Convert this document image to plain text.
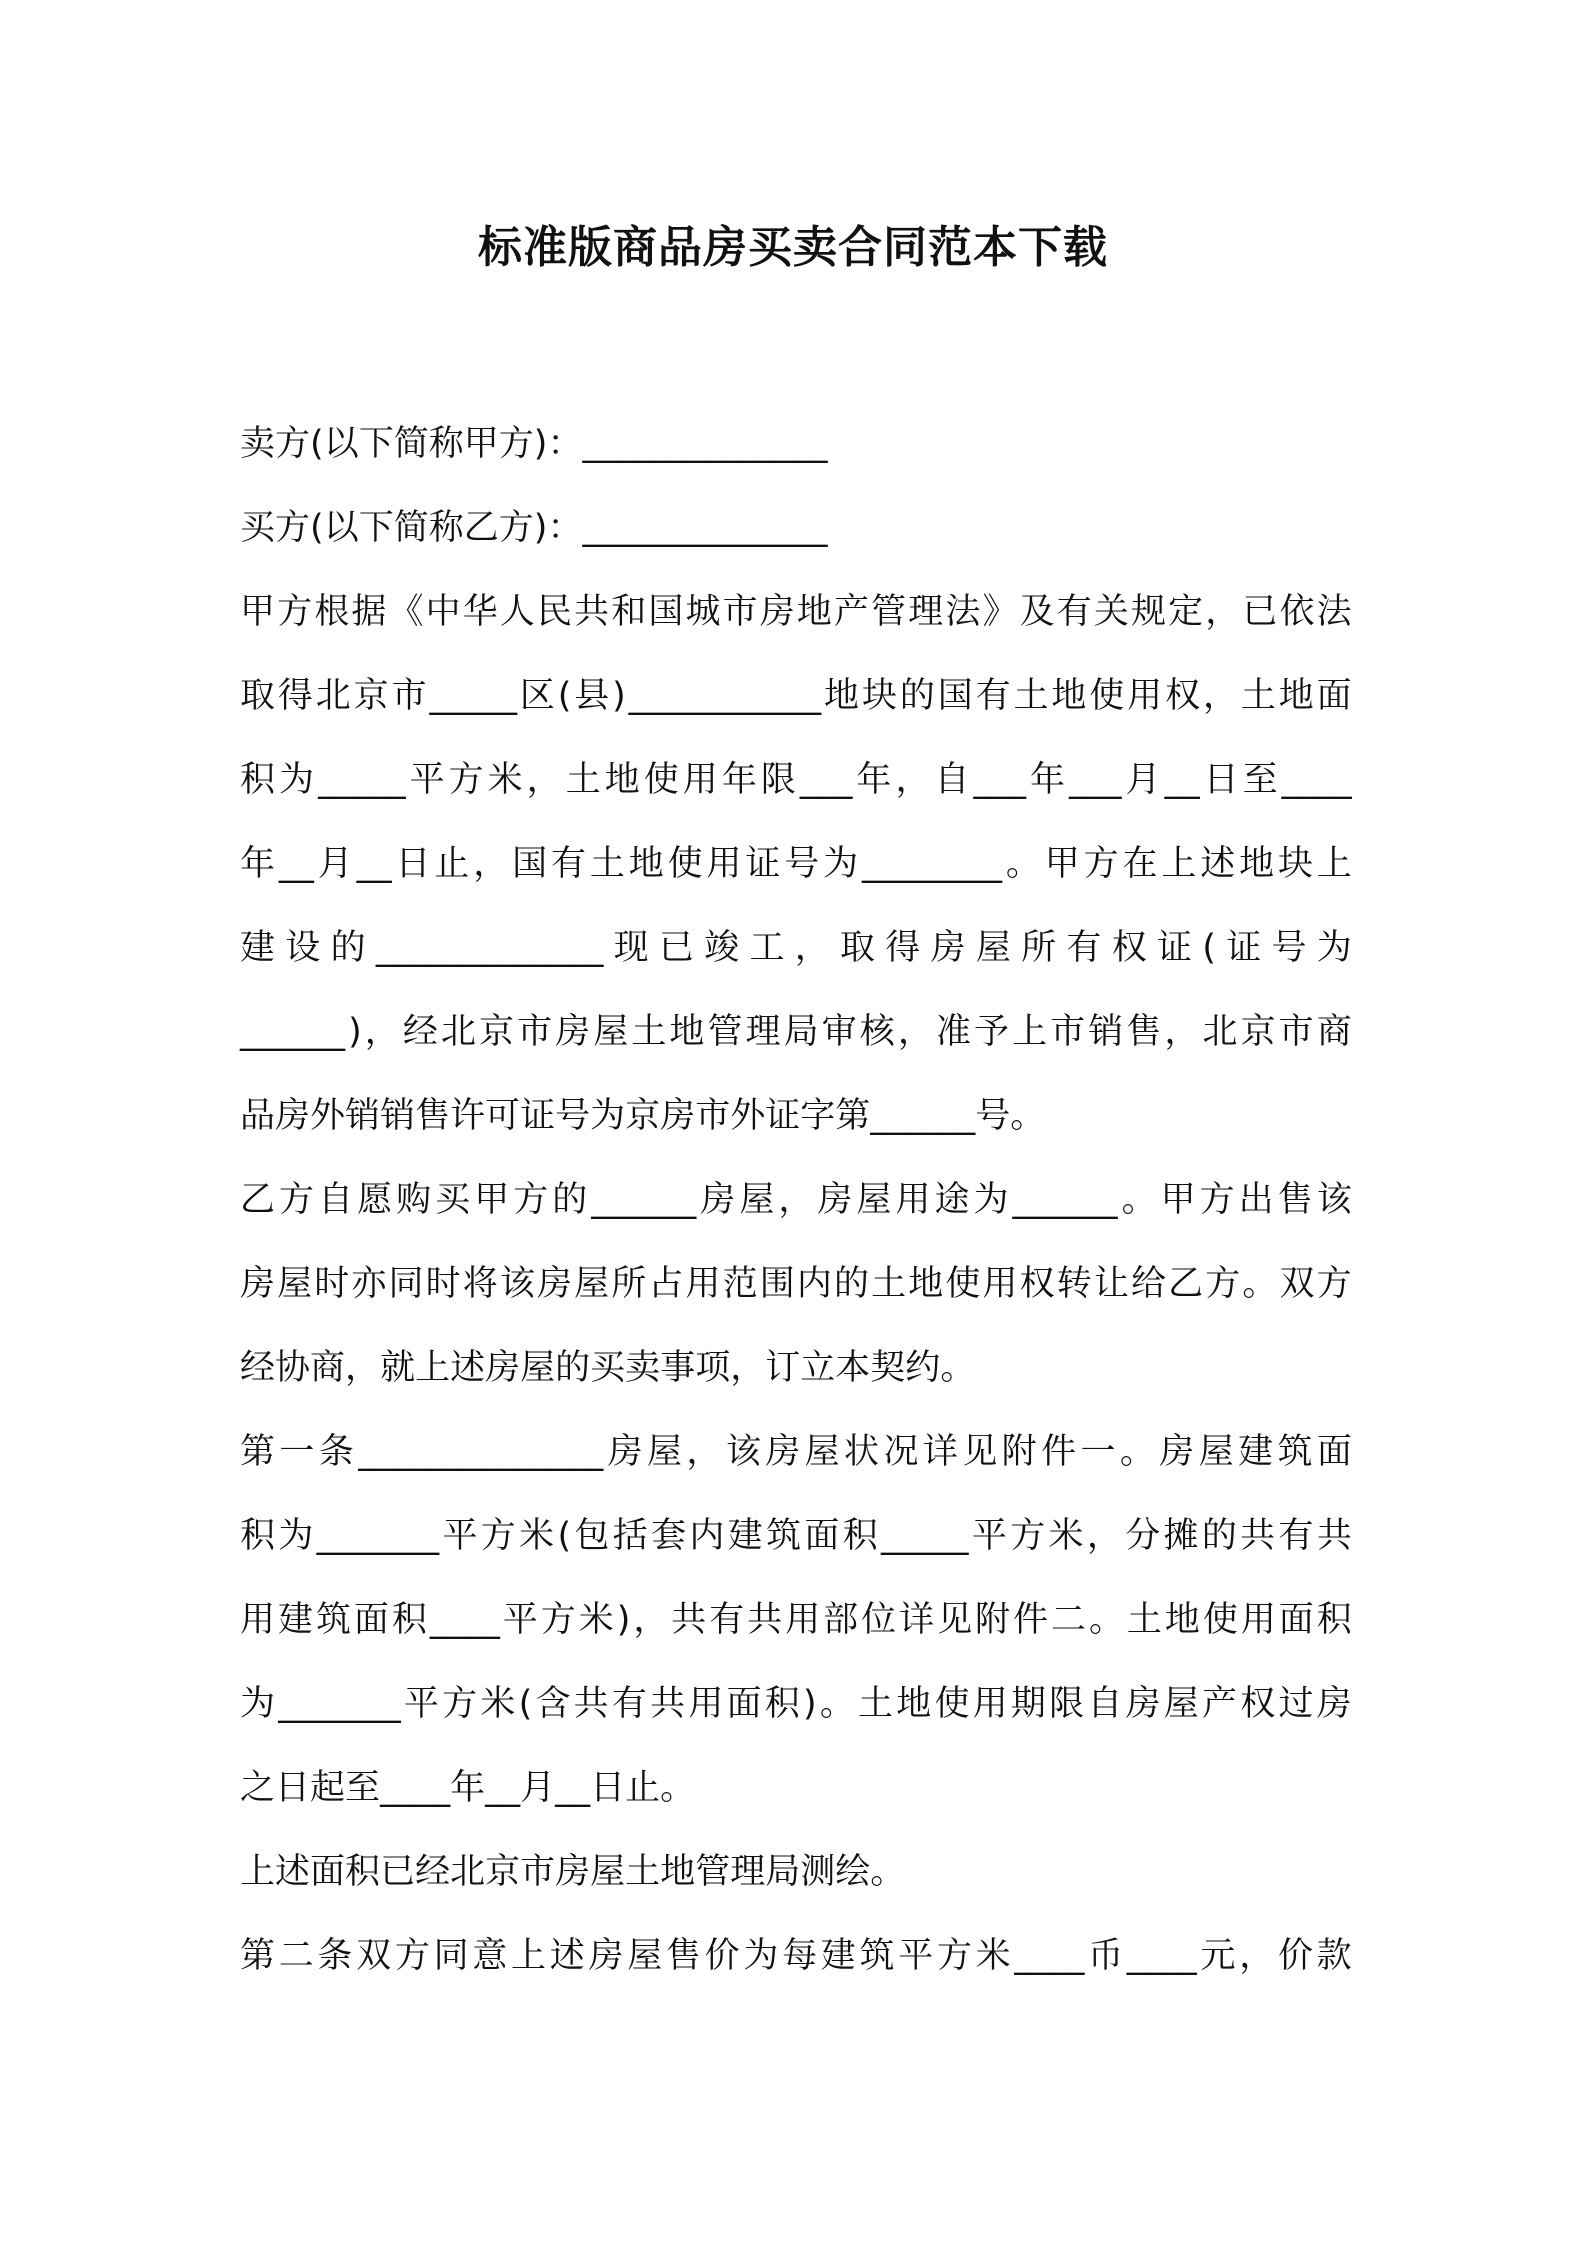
标准版商品房买卖合同范本下载
卖 方 ( 以 下 简 称 甲 方 ) ： ______________
买 方 ( 以 下 简 称 乙 方 ) ： ______________
甲 方 根 据 《 中 华 人 民 共 和 国 城 市 房 地 产 管 理 法 》 及 有 关 规 定 ， 已 依 法
取 得 北 京 市 _____ 区 ( 县 ) ___________ 地 块 的 国 有 土 地 使 用 权 ， 土 地 面
积 为 _____ 平 方 米 ， 土 地 使 用 年 限 ___ 年 ， 自 ___ 年 ___ 月 __ 日 至 ____
年 __ 月 __ 日 止 ， 国 有 土 地 使 用 证 号 为 ________ 。 甲 方 在 上 述 地 块 上
建 设 的 _____________ 现 已 竣 工 ， 取 得 房 屋 所 有 权 证 ( 证 号 为
______ ) ， 经 北 京 市 房 屋 土 地 管 理 局 审 核 ， 准 予 上 市 销 售 ， 北 京 市 商
品 房 外 销 销 售 许 可 证 号 为 京 房 市 外 证 字 第 ______ 号 。
乙 方 自 愿 购 买 甲 方 的 ______ 房 屋 ， 房 屋 用 途 为 ______ 。 甲 方 出 售 该
房 屋 时 亦 同 时 将 该 房 屋 所 占 用 范 围 内 的 土 地 使 用 权 转 让 给 乙 方 。 双 方
经 协 商 ， 就 上 述 房 屋 的 买 卖 事 项 ， 订 立 本 契 约 。
第 一 条 ______________ 房 屋 ， 该 房 屋 状 况 详 见 附 件 一 。 房 屋 建 筑 面
积 为 _______ 平 方 米 ( 包 括 套 内 建 筑 面 积 _____ 平 方 米 ， 分 摊 的 共 有 共
用 建 筑 面 积 ____ 平 方 米 ) ， 共 有 共 用 部 位 详 见 附 件 二 。 土 地 使 用 面 积
为 _______ 平 方 米 ( 含 共 有 共 用 面 积 ) 。 土 地 使 用 期 限 自 房 屋 产 权 过 房
之 日 起 至 ____ 年 __ 月 __ 日 止 。
上 述 面 积 已 经 北 京 市 房 屋 土 地 管 理 局 测 绘 。
第 二 条 双 方 同 意 上 述 房 屋 售 价 为 每 建 筑 平 方 米 ____ 币 ____ 元 ， 价 款
